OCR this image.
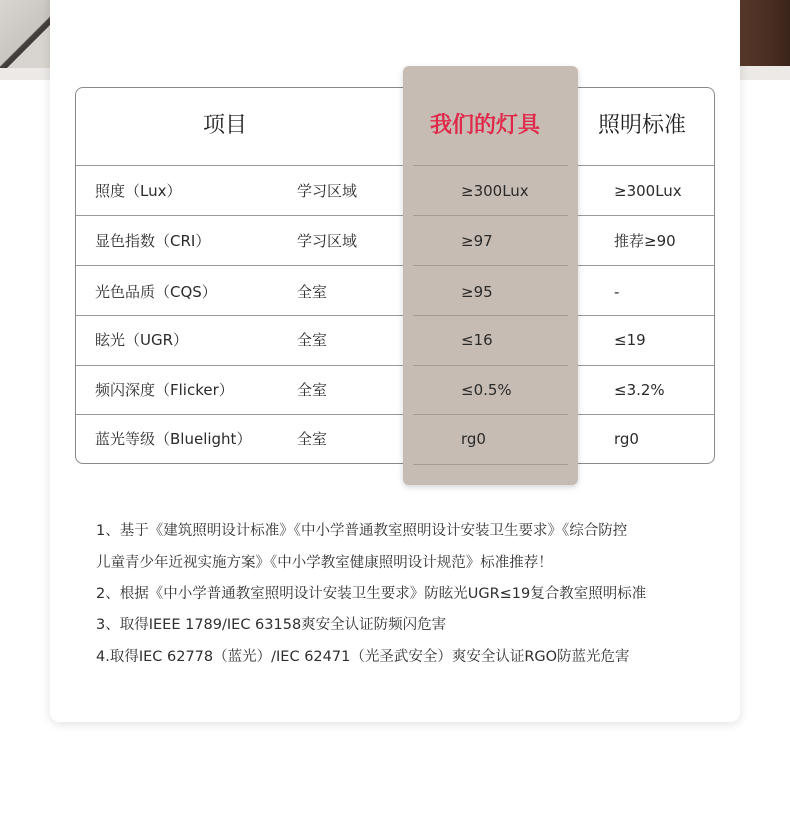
项目	我们的灯具	照明标准
照度（Lux）	学习区域	≥300Lux	≥300Lux
显色指数（CRI）	学习区域	≥97	推荐≥90
光色品质（CQS）	全室	≥95	-
眩光（UGR）	全室	≤16	≤19
频闪深度（Flicker）	全室	≤0.5%	≤3.2%
蓝光等级（Bluelight）	全室	rg0	rg0
1、基于《建筑照明设计标准》《中小学普通教室照明设计安装卫生要求》《综合防控
儿童青少年近视实施方案》《中小学教室健康照明设计规范》标准推荐！
2、根据《中小学普通教室照明设计安装卫生要求》防眩光UGR≤19复合教室照明标准
3、取得IEEE 1789/IEC 63158爽安全认证防频闪危害
4.取得IEC 62778（蓝光）/IEC 62471（光圣武安全）爽安全认证RGO防蓝光危害
